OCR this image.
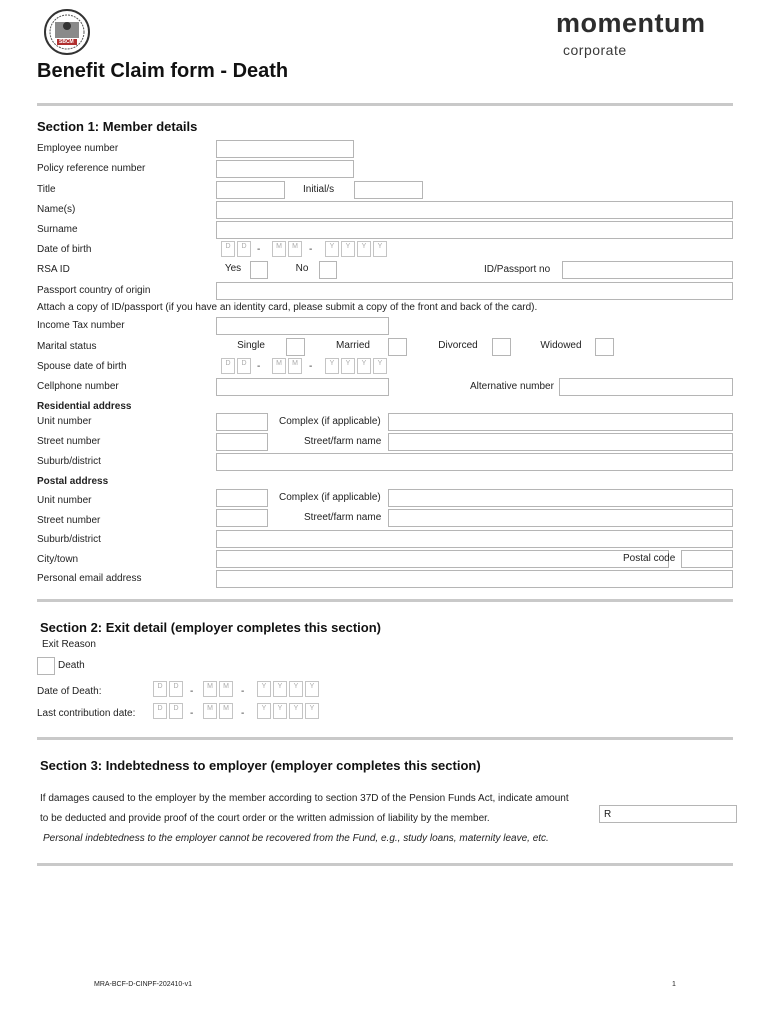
SBCM
momentum
corporate
Benefit Claim form - Death
Section 1: Member details
Employee number
Policy reference number
Title	Initial/s
Name(s)
Surname
Date of birth	D	D	-	M	M	-	Y	Y	Y	Y
RSA ID	Yes	No	ID/Passport no
Passport country of origin
Attach a copy of ID/passport (if you have an identity card, please submit a copy of the front and back of the card).
Income Tax number
Marital status	Single	Married	Divorced	Widowed
Spouse date of birth	D	D	-	M	M	-	Y	Y	Y	Y
Cellphone number	Alternative number
Residential address
Unit number	Complex (if applicable)
Street number	Street/farm name
Suburb/district
Postal address
Unit number	Complex (if applicable)
Street number	Street/farm name
Suburb/district
City/town	Postal code
Personal email address
Section 2: Exit detail (employer completes this section)
Exit Reason
Death
Date of Death:	D	D	-	M	M	-	Y	Y	Y	Y
Last contribution date:	D	D	-	M	M	-	Y	Y	Y	Y
Section 3: Indebtedness to employer (employer completes this section)
If damages caused to the employer by the member according to section 37D of the Pension Funds Act, indicate amount
to be deducted and provide proof of the court order or the written admission of liability by the member.	R
Personal indebtedness to the employer cannot be recovered from the Fund, e.g., study loans, maternity leave, etc.
MRA-BCF-D-CINPF-202410-v1	1
